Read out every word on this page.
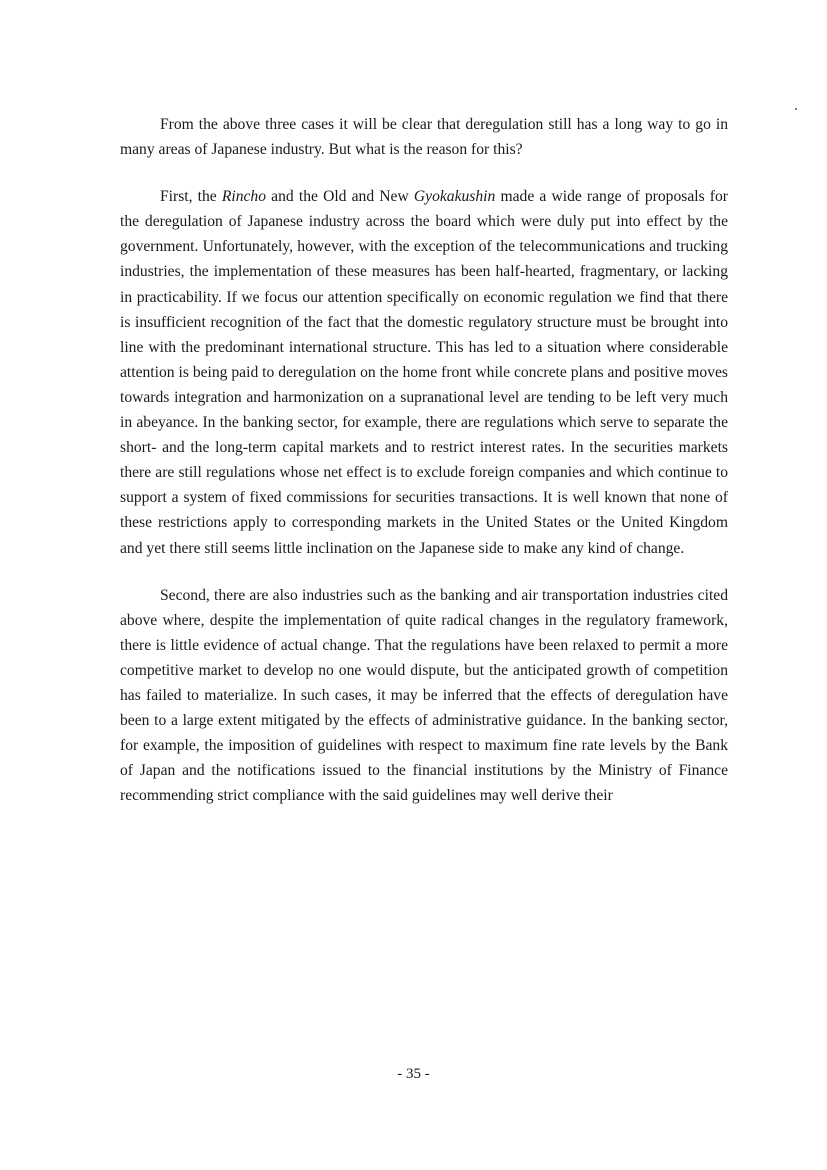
From the above three cases it will be clear that deregulation still has a long way to go in many areas of Japanese industry. But what is the reason for this?

First, the Rincho and the Old and New Gyokakushin made a wide range of proposals for the deregulation of Japanese industry across the board which were duly put into effect by the government. Unfortunately, however, with the exception of the telecommunications and trucking industries, the implementation of these measures has been half-hearted, fragmentary, or lacking in practicability. If we focus our attention specifically on economic regulation we find that there is insufficient recognition of the fact that the domestic regulatory structure must be brought into line with the predominant international structure. This has led to a situation where considerable attention is being paid to deregulation on the home front while concrete plans and positive moves towards integration and harmonization on a supranational level are tending to be left very much in abeyance. In the banking sector, for example, there are regulations which serve to separate the short- and the long-term capital markets and to restrict interest rates. In the securities markets there are still regulations whose net effect is to exclude foreign companies and which continue to support a system of fixed commissions for securities transactions. It is well known that none of these restrictions apply to corresponding markets in the United States or the United Kingdom and yet there still seems little inclination on the Japanese side to make any kind of change.

Second, there are also industries such as the banking and air transportation industries cited above where, despite the implementation of quite radical changes in the regulatory framework, there is little evidence of actual change. That the regulations have been relaxed to permit a more competitive market to develop no one would dispute, but the anticipated growth of competition has failed to materialize. In such cases, it may be inferred that the effects of deregulation have been to a large extent mitigated by the effects of administrative guidance. In the banking sector, for example, the imposition of guidelines with respect to maximum fine rate levels by the Bank of Japan and the notifications issued to the financial institutions by the Ministry of Finance recommending strict compliance with the said guidelines may well derive their

- 35 -
